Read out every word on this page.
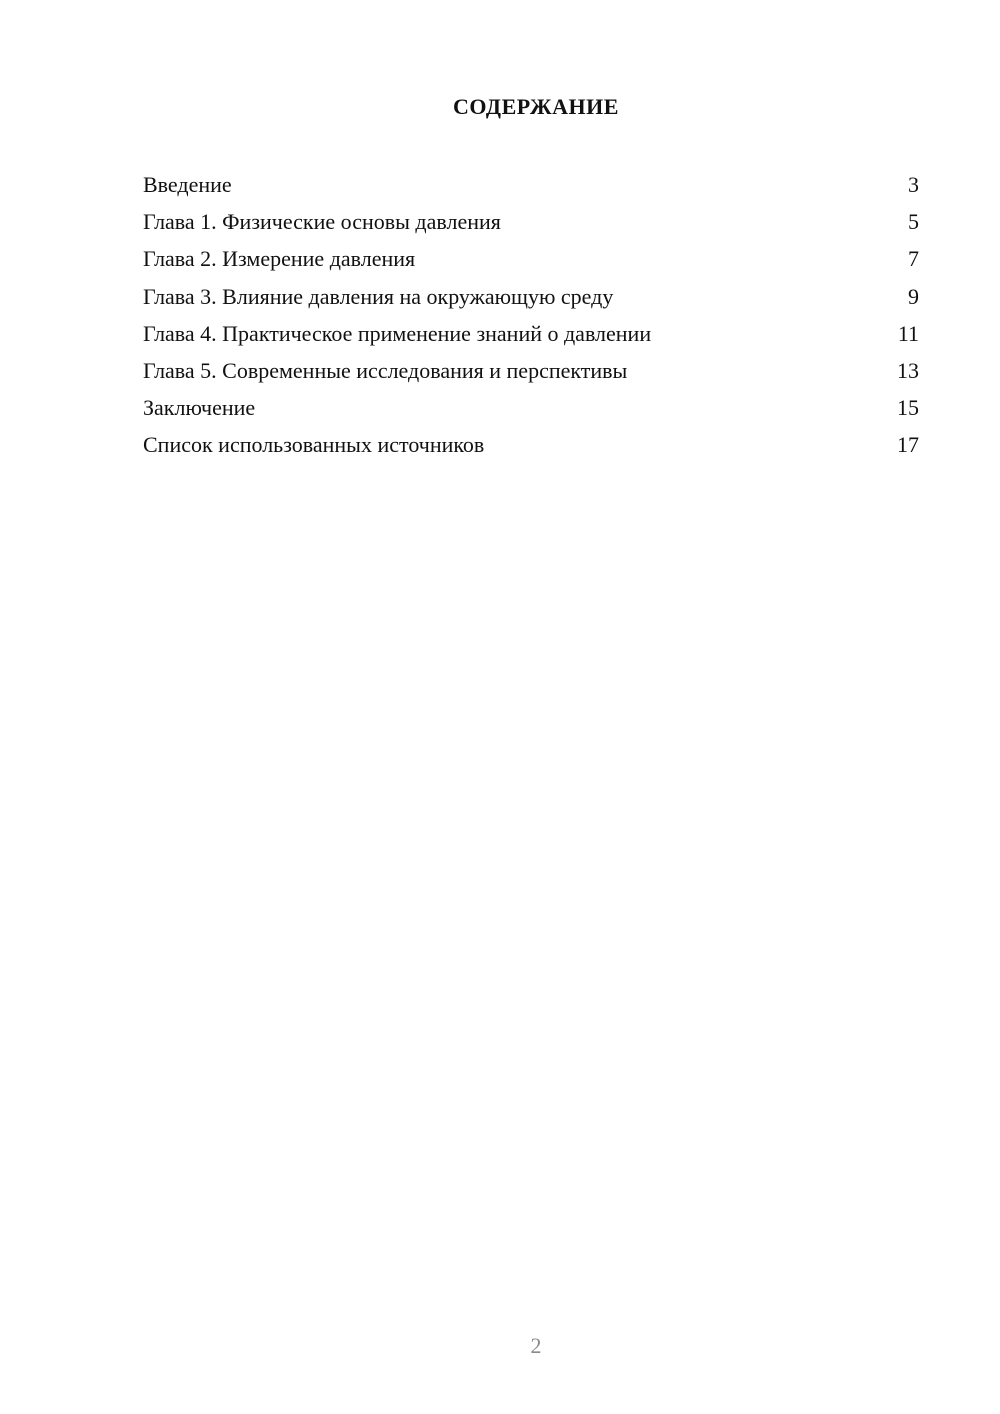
СОДЕРЖАНИЕ
Введение	3
Глава 1. Физические основы давления	5
Глава 2. Измерение давления	7
Глава 3. Влияние давления на окружающую среду	9
Глава 4. Практическое применение знаний о давлении	11
Глава 5. Современные исследования и перспективы	13
Заключение	15
Список использованных источников	17
2
